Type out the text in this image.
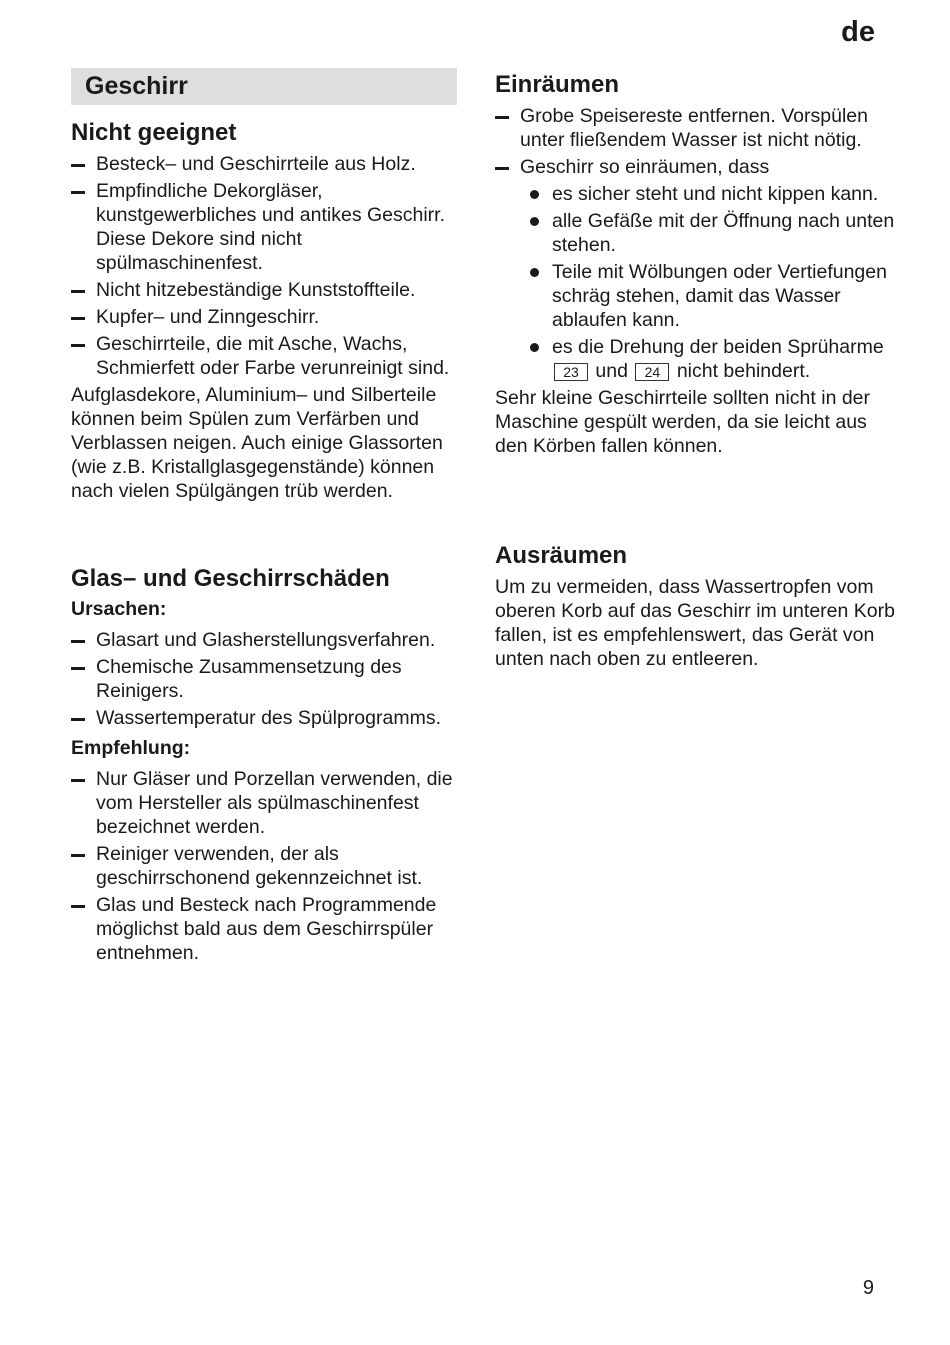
de
Geschirr
Nicht geeignet
Besteck– und Geschirrteile aus Holz.
Empfindliche Dekorgläser, kunstgewerbliches und antikes Geschirr. Diese Dekore sind nicht spülmaschinenfest.
Nicht hitzebeständige Kunststoffteile.
Kupfer– und Zinngeschirr.
Geschirrteile, die mit Asche, Wachs, Schmierfett oder Farbe verunreinigt sind.

Aufglasdekore, Aluminium– und Silberteile können beim Spülen zum Verfärben und Verblassen neigen. Auch einige Glassorten (wie z.B. Kristallglasgegenstände) können nach vielen Spülgängen trüb werden.

Glas– und Geschirrschäden
Ursachen:
Glasart und Glasherstellungsverfahren.
Chemische Zusammensetzung des Reinigers.
Wassertemperatur des Spülprogramms.
Empfehlung:
Nur Gläser und Porzellan verwenden, die vom Hersteller als spülmaschinenfest bezeichnet werden.
Reiniger verwenden, der als geschirrschonend gekennzeichnet ist.
Glas und Besteck nach Programmende möglichst bald aus dem Geschirrspüler entnehmen.
Einräumen
Grobe Speisereste entfernen. Vorspülen unter fließendem Wasser ist nicht nötig.
Geschirr so einräumen, dass
es sicher steht und nicht kippen kann.
alle Gefäße mit der Öffnung nach unten stehen.
Teile mit Wölbungen oder Vertiefungen schräg stehen, damit das Wasser ablaufen kann.
es die Drehung der beiden Sprüharme 23 und 24 nicht behindert.

Sehr kleine Geschirrteile sollten nicht in der Maschine gespült werden, da sie leicht aus den Körben fallen können.

Ausräumen

Um zu vermeiden, dass Wassertropfen vom oberen Korb auf das Geschirr im unteren Korb fallen, ist es empfehlenswert, das Gerät von unten nach oben zu entleeren.

9
